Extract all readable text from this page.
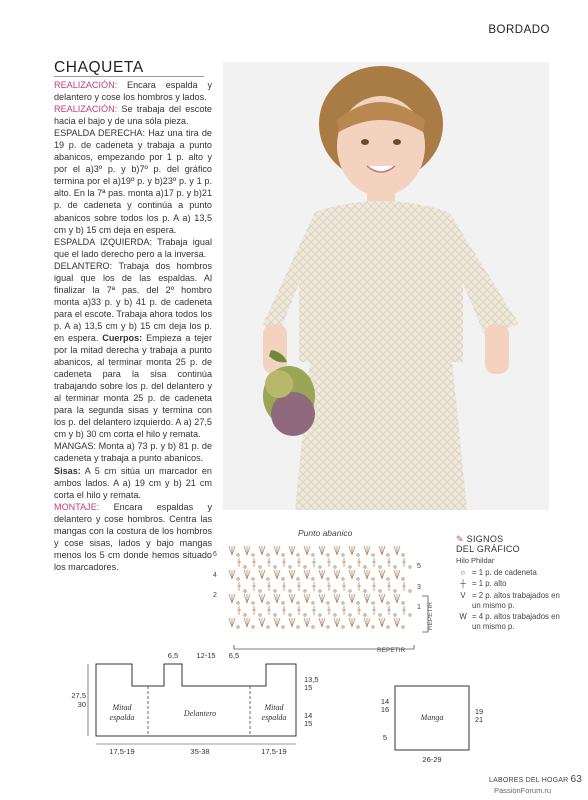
BORDADO
CHAQUETA

REALIZACIÓN: Encara espalda y delantero y cose los hombros y lados.

REALIZACIÓN: Se trabaja del escote hacia el bajo y de una sóla pieza.

ESPALDA DERECHA: Haz una tira de 19 p. de cadeneta y trabaja a punto abanicos, empezando por 1 p. alto y por el a)3º p. y b)7º p. del gráfico termina por el a)19º p. y b)23º p. y 1 p. alto. En la 7ª pas. monta a)17 p. y b)21 p. de cadeneta y continúa a punto abanicos sobre todos los p. A a) 13,5 cm y b) 15 cm deja en espera.

ESPALDA IZQUIERDA: Trabaja igual que el lado derecho pero a la inversa.

DELANTERO: Trabaja dos hombros igual que los de las espaldas. Al finalizar la 7ª pas. del 2º hombro monta a)33 p. y b) 41 p. de cadeneta para el escote. Trabaja ahora todos los p. A a) 13,5 cm y b) 15 cm deja los p. en espera. Cuerpos: Empieza a tejer por la mitad derecha y trabaja a punto abanicos, al terminar monta 25 p. de cadeneta para la sisa continúa trabajando sobre los p. del delantero y al terminar monta 25 p. de cadeneta para la segunda sisas y termina con los p. del delantero izquierdo. A a) 27,5 cm y b) 30 cm corta el hilo y remata.

MANGAS: Monta a) 73 p. y b) 81 p. de cadeneta y trabaja a punto abanicos.

Sisas: A 5 cm sitúa un marcador en ambos lados. A a) 19 cm y b) 21 cm corta el hilo y remata.

MONTAJE: Encara espaldas y delantero y cose hombros. Centra las mangas con la costura de los hombros y cose sisas, lados y bajo mangas menos los 5 cm donde hemos situado los marcadores.

Punto abanico
5
3
1 REPETIR
REPETIR
6
4
2
✎ SIGNOS
DEL GRÁFICO
Hilo Phildar
○ = 1 p. de cadeneta
┼ = 1 p. alto
V = 2 p. altos trabajados en un mismo p.
W = 4 p. altos trabajados en un mismo p.
Mitad espalda	Delantero
Mitad espalda
27,5 30
6,5 12-15 6,5
13,5 15
14 15
17,5-19	35-38	17,5-19
Manga
14 16
5
19 21
26-29
LABORES DEL HOGAR 63
PassionForum.ru
